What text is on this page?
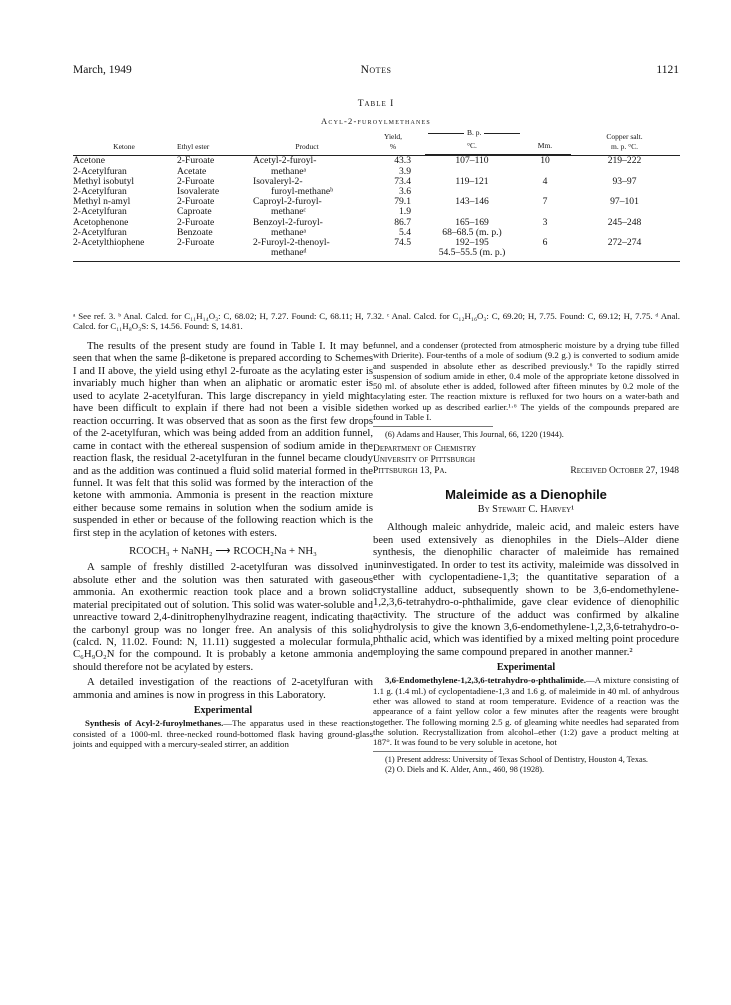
March, 1949	Notes	1121
Table I
Acyl-2-furoylmethanes
Ketone	Ethyl ester	Product	Yield,
%	B. p.		Copper salt.
m. p. °C.
				°C.	Mm.	

Acetone	2-Furoate	Acetyl-2-furoyl-	43.3	107–110	10	219–222
2-Acetylfuran	Acetate	methaneᵃ	3.9			
Methyl isobutyl	2-Furoate	Isovaleryl-2-	73.4	119–121	4	93–97
2-Acetylfuran	Isovalerate	furoyl-methaneᵇ	3.6			
Methyl n-amyl	2-Furoate	Caproyl-2-furoyl-	79.1	143–146	7	97–101
2-Acetylfuran	Caproate	methaneᶜ	1.9			
Acetophenone	2-Furoate	Benzoyl-2-furoyl-	86.7	165–169	3	245–248
2-Acetylfuran	Benzoate	methaneᵃ	5.4	68–68.5 (m. p.)		
2-Acetylthiophene	2-Furoate	2-Furoyl-2-thenoyl-	74.5	192–195	6	272–274
		methaneᵈ		54.5–55.5 (m. p.)		
ᵃ See ref. 3. ᵇ Anal. Calcd. for C₁₁H₁₄O₃: C, 68.02; H, 7.27. Found: C, 68.11; H, 7.32. ᶜ Anal. Calcd. for C₁₂H₁₆O₃: C, 69.20; H, 7.75. Found: C, 69.12; H, 7.75. ᵈ Anal. Calcd. for C₁₁H₈O₃S: S, 14.56. Found: S, 14.81.

The results of the present study are found in Table I. It may be seen that when the same β-diketone is prepared according to Schemes I and II above, the yield using ethyl 2-furoate as the acylating ester is invariably much higher than when an aliphatic or aromatic ester is used to acylate 2-acetylfuran. This large discrepancy in yield might have been difficult to explain if there had not been a visible side reaction occurring. It was observed that as soon as the first few drops of the 2-acetylfuran, which was being added from an addition funnel, came in contact with the ethereal suspension of sodium amide in the reaction flask, the residual 2-acetylfuran in the funnel became cloudy and as the addition was continued a fluid solid material formed in the funnel. It was felt that this solid was formed by the interaction of the ketone with ammonia. Ammonia is present in the reaction mixture either because some remains in solution when the sodium amide is suspended in ether or because of the following reaction which is the first step in the acylation of ketones with esters.

RCOCH₃ + NaNH₂ ⟶ RCOCH₂Na + NH₃

A sample of freshly distilled 2-acetylfuran was dissolved in absolute ether and the solution was then saturated with gaseous ammonia. An exothermic reaction took place and a brown solid material precipitated out of solution. This solid was water-soluble and unreactive toward 2,4-dinitrophenylhydrazine reagent, indicating that the carbonyl group was no longer free. An analysis of this solid (calcd. N, 11.02. Found: N, 11.11) suggested a molecular formula, C₆H₉O₂N for the compound. It is probably a ketone ammonia and should therefore not be acylated by esters.

A detailed investigation of the reactions of 2-acetylfuran with ammonia and amines is now in progress in this Laboratory.

Experimental

Synthesis of Acyl-2-furoylmethanes.—The apparatus used in these reactions consisted of a 1000-ml. three-necked round-bottomed flask having ground-glass joints and equipped with a mercury-sealed stirrer, an addition

funnel, and a condenser (protected from atmospheric moisture by a drying tube filled with Drierite). Four-tenths of a mole of sodium (9.2 g.) is converted to sodium amide and suspended in absolute ether as described previously.⁶ To the rapidly stirred suspension of sodium amide in ether, 0.4 mole of the appropriate ketone dissolved in 50 ml. of absolute ether is added, followed after fifteen minutes by 0.2 mole of the acylating ester. The reaction mixture is refluxed for two hours on a water-bath and then worked up as described earlier.¹·⁶ The yields of the compounds prepared are found in Table I.

(6) Adams and Hauser, This Journal, 66, 1220 (1944).

Department of Chemistry
University of Pittsburgh
Pittsburgh 13, Pa.	Received October 27, 1948
Maleimide as a Dienophile
By Stewart C. Harvey¹

Although maleic anhydride, maleic acid, and maleic esters have been used extensively as dienophiles in the Diels–Alder diene synthesis, the dienophilic character of maleimide has remained uninvestigated. In order to test its activity, maleimide was dissolved in ether with cyclopentadiene-1,3; the quantitative separation of a crystalline adduct, subsequently shown to be 3,6-endomethylene-1,2,3,6-tetrahydro-o-phthalimide, gave clear evidence of dienophilic activity. The structure of the adduct was confirmed by alkaline hydrolysis to give the known 3,6-endomethylene-1,2,3,6-tetrahydro-o-phthalic acid, which was identified by a mixed melting point procedure employing the same compound prepared in another manner.²

Experimental

3,6-Endomethylene-1,2,3,6-tetrahydro-o-phthalimide.—A mixture consisting of 1.1 g. (1.4 ml.) of cyclopentadiene-1,3 and 1.6 g. of maleimide in 40 ml. of anhydrous ether was allowed to stand at room temperature. Evidence of a reaction was the appearance of a faint yellow color a few minutes after the reagents were brought together. The following morning 2.5 g. of gleaming white needles had separated from the solution. Recrystallization from alcohol–ether (1:2) gave a product melting at 187°. It was found to be very soluble in acetone, hot

(1) Present address: University of Texas School of Dentistry, Houston 4, Texas.

(2) O. Diels and K. Alder, Ann., 460, 98 (1928).
